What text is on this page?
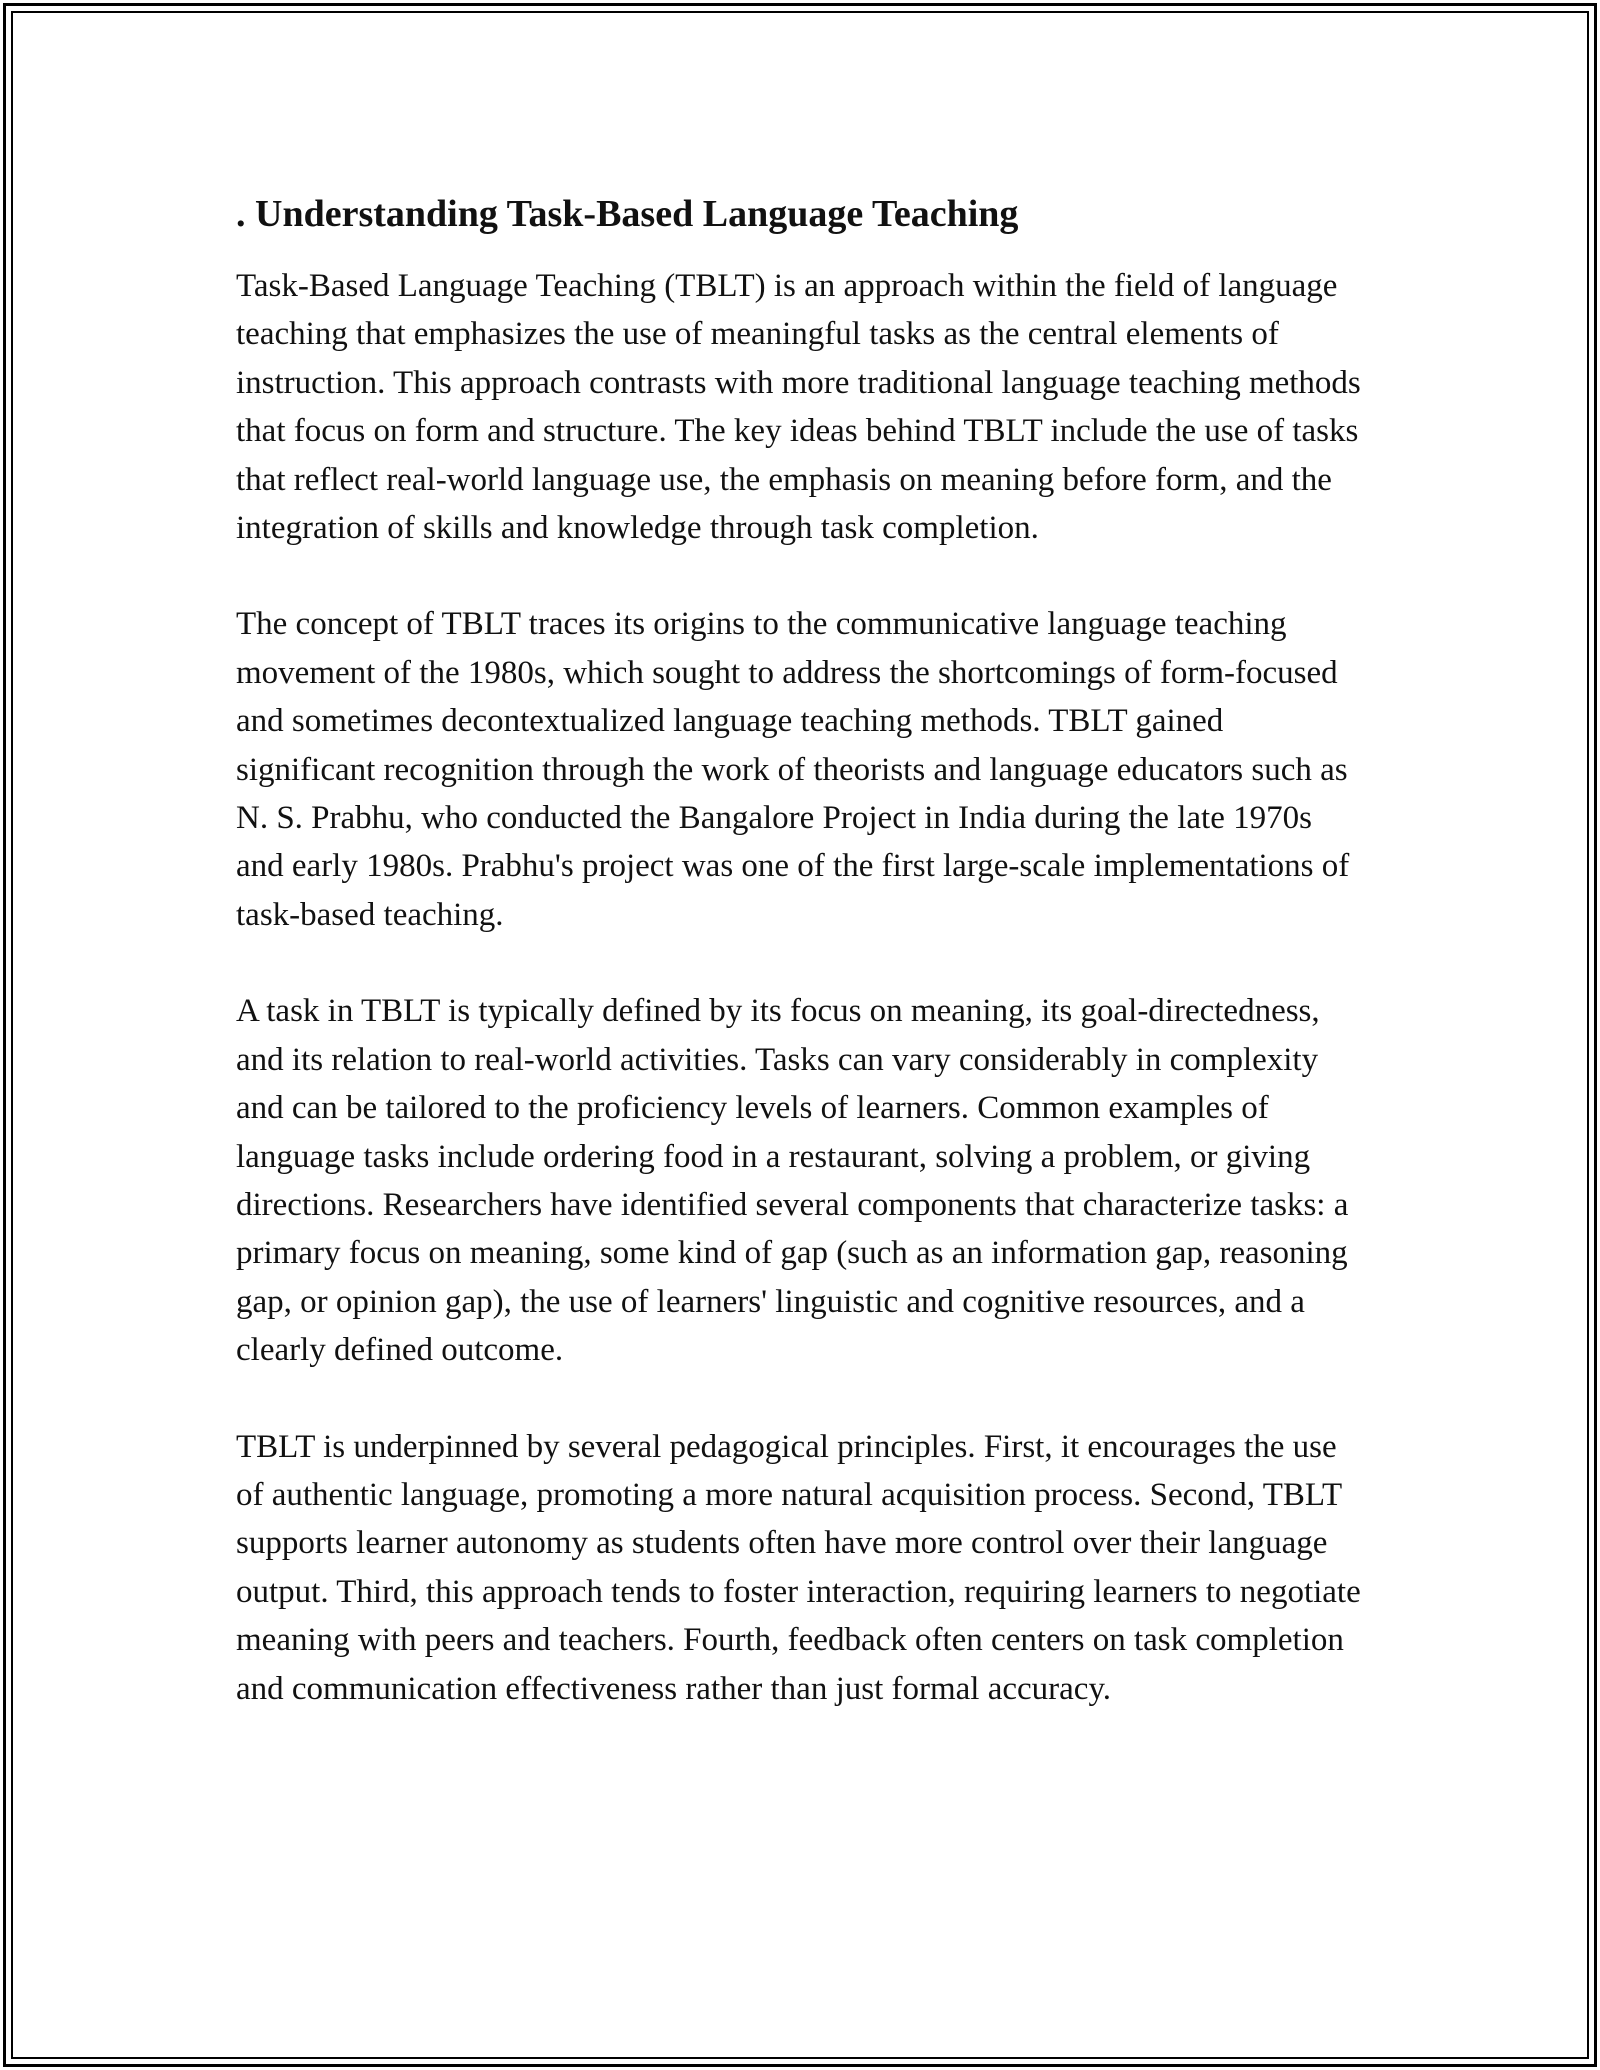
. Understanding Task-Based Language Teaching

Task-Based Language Teaching (TBLT) is an approach within the field of language teaching that emphasizes the use of meaningful tasks as the central elements of instruction. This approach contrasts with more traditional language teaching methods that focus on form and structure. The key ideas behind TBLT include the use of tasks that reflect real-world language use, the emphasis on meaning before form, and the integration of skills and knowledge through task completion.

The concept of TBLT traces its origins to the communicative language teaching movement of the 1980s, which sought to address the shortcomings of form-focused and sometimes decontextualized language teaching methods. TBLT gained significant recognition through the work of theorists and language educators such as N. S. Prabhu, who conducted the Bangalore Project in India during the late 1970s and early 1980s. Prabhu's project was one of the first large-scale implementations of task-based teaching.

A task in TBLT is typically defined by its focus on meaning, its goal-directedness, and its relation to real-world activities. Tasks can vary considerably in complexity and can be tailored to the proficiency levels of learners. Common examples of language tasks include ordering food in a restaurant, solving a problem, or giving directions. Researchers have identified several components that characterize tasks: a primary focus on meaning, some kind of gap (such as an information gap, reasoning gap, or opinion gap), the use of learners' linguistic and cognitive resources, and a clearly defined outcome.

TBLT is underpinned by several pedagogical principles. First, it encourages the use of authentic language, promoting a more natural acquisition process. Second, TBLT supports learner autonomy as students often have more control over their language output. Third, this approach tends to foster interaction, requiring learners to negotiate meaning with peers and teachers. Fourth, feedback often centers on task completion and communication effectiveness rather than just formal accuracy.
